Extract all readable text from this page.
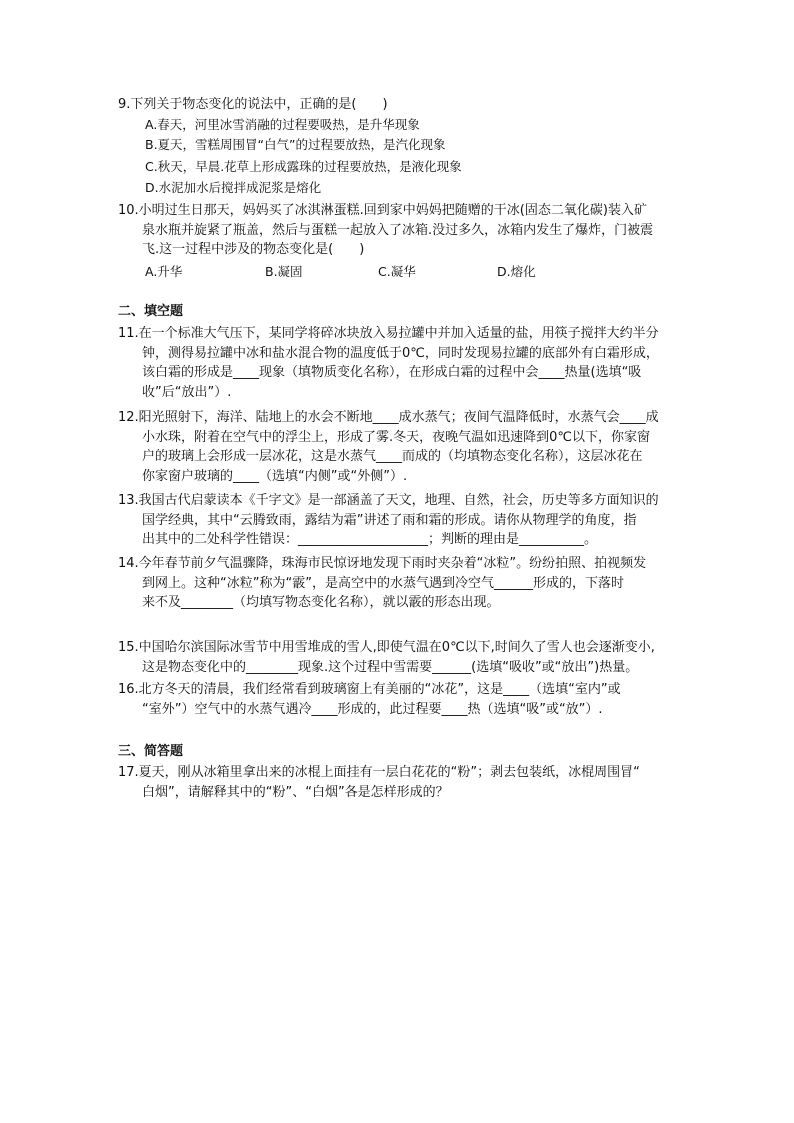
9.下列关于物态变化的说法中，正确的是(　　)
A.春天，河里冰雪消融的过程要吸热，是升华现象
B.夏天，雪糕周围冒“白气”的过程要放热，是汽化现象
C.秋天，早晨.花草上形成露珠的过程要放热，是液化现象
D.水泥加水后搅拌成泥浆是熔化
10.小明过生日那天，妈妈买了冰淇淋蛋糕.回到家中妈妈把随赠的干冰(固态二氧化碳)装入矿
泉水瓶并旋紧了瓶盖，然后与蛋糕一起放入了冰箱.没过多久，冰箱内发生了爆炸，门被震
飞.这一过程中涉及的物态变化是(　　)
A.升华	B.凝固	C.凝华	D.熔化
二、填空题
11.在一个标准大气压下，某同学将碎冰块放入易拉罐中并加入适量的盐，用筷子搅拌大约半分
钟，测得易拉罐中冰和盐水混合物的温度低于0℃，同时发现易拉罐的底部外有白霜形成，
该白霜的形成是____现象（填物质变化名称），在形成白霜的过程中会____热量(选填“吸
收”后“放出”）.
12.阳光照射下，海洋、陆地上的水会不断地____成水蒸气；夜间气温降低时，水蒸气会____成
小水珠，附着在空气中的浮尘上，形成了雾.冬天，夜晚气温如迅速降到0℃以下，你家窗
户的玻璃上会形成一层冰花，这是水蒸气____而成的（均填物态变化名称），这层冰花在
你家窗户玻璃的____（选填“内侧”或“外侧”）.
13.我国古代启蒙读本《千字文》是一部涵盖了天文，地理、自然，社会，历史等多方面知识的
国学经典，其中“云腾致雨，露结为霜”讲述了雨和霜的形成。请你从物理学的角度，指
出其中的二处科学性错误：____________________；判断的理由是__________。
14.今年春节前夕气温骤降，珠海市民惊讶地发现下雨时夹杂着“冰粒”。纷纷拍照、拍视频发
到网上。这种“冰粒”称为“霰”，是高空中的水蒸气遇到冷空气______形成的，下落时
来不及________（均填写物态变化名称），就以霰的形态出现。
15.中国哈尔滨国际冰雪节中用雪堆成的雪人,即使气温在0℃以下,时间久了雪人也会逐渐变小,
这是物态变化中的________现象.这个过程中雪需要______(选填“吸收”或“放出”)热量。
16.北方冬天的清晨，我们经常看到玻璃窗上有美丽的“冰花”，这是____（选填“室内”或
“室外”）空气中的水蒸气遇冷____形成的，此过程要____热（选填“吸”或“放”）.
三、简答题
17.夏天，刚从冰箱里拿出来的冰棍上面挂有一层白花花的“粉”；剥去包装纸，冰棍周围冒“
白烟”，请解释其中的“粉”、“白烟”各是怎样形成的？
